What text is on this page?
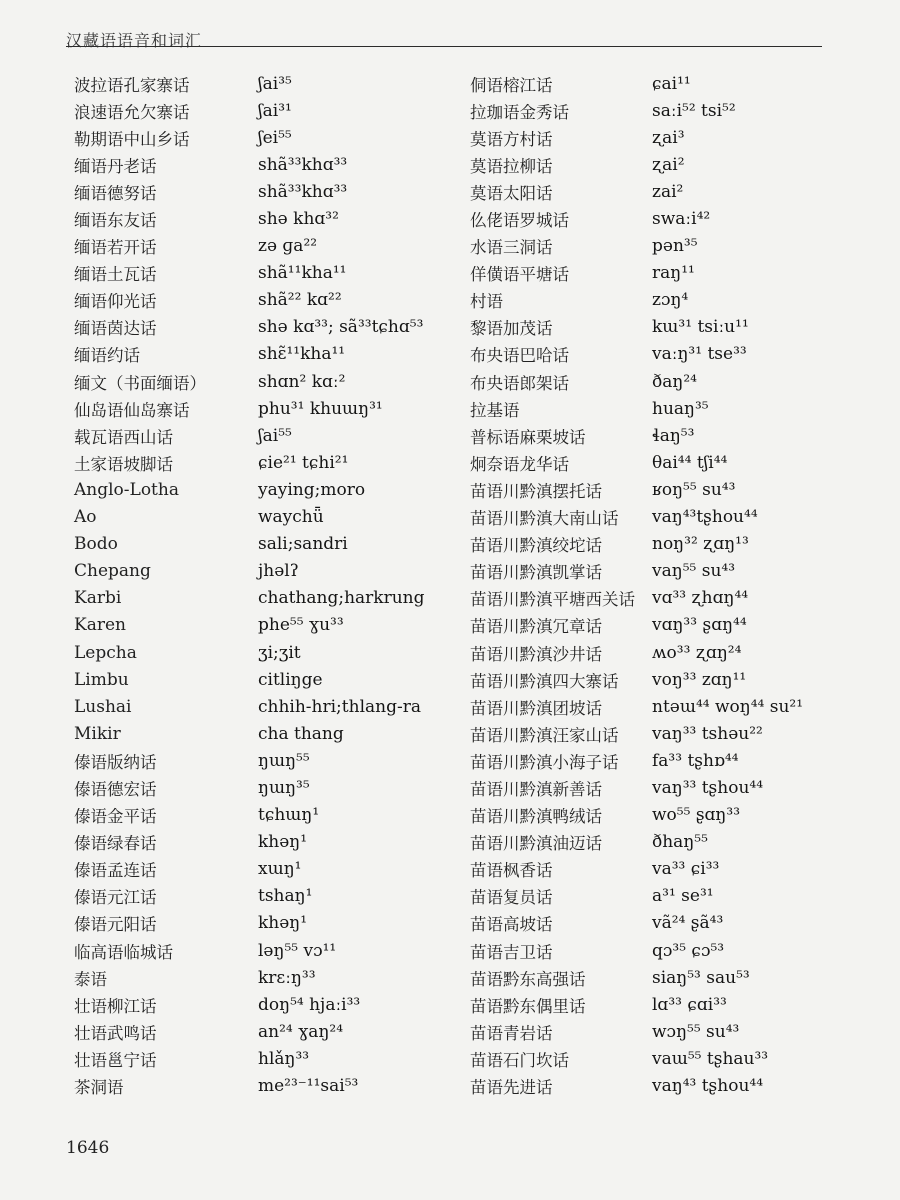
汉藏语语音和词汇
波拉语孔家寨话
浪速语允欠寨话
勒期语中山乡话
缅语丹老话
缅语德努话
缅语东友话
缅语若开话
缅语土瓦话
缅语仰光话
缅语茵达话
缅语约话
缅文（书面缅语）
仙岛语仙岛寨话
载瓦语西山话
土家语坡脚话
Anglo-Lotha
Ao
Bodo
Chepang
Karbi
Karen
Lepcha
Limbu
Lushai
Mikir
傣语版纳话
傣语德宏话
傣语金平话
傣语绿春话
傣语孟连话
傣语元江话
傣语元阳话
临高语临城话
泰语
壮语柳江话
壮语武鸣话
壮语邕宁话
茶洞语
ʃai³⁵
ʃai³¹
ʃei⁵⁵
shã³³khɑ³³
shã³³khɑ³³
shə khɑ³²
zə ɡa²²
shã¹¹kha¹¹
shã²² kɑ²²
shə kɑ³³; sã³³tɕhɑ⁵³
shɛ̃¹¹kha¹¹
shɑn² kɑː²
phu³¹ khuɯŋ³¹
ʃai⁵⁵
ɕie²¹ tɕhi²¹
yaying;moro
waychǖ
sali;sandri
jhəlʔ
chathang;harkrung
phe⁵⁵ ɣu³³
ʒi;ʒit
citliŋge
chhih-hri;thlang-ra
cha thang
ŋɯŋ⁵⁵
ŋɯŋ³⁵
tɕhɯŋ¹
khəŋ¹
xɯŋ¹
tshaŋ¹
khəŋ¹
ləŋ⁵⁵ vɔ¹¹
krɛːŋ³³
doŋ⁵⁴ hjaːi³³
an²⁴ ɣaŋ²⁴
hlǎŋ³³
me²³⁻¹¹sai⁵³
侗语榕江话
拉珈语金秀话
莫语方村话
莫语拉柳话
莫语太阳话
仫佬语罗城话
水语三洞话
佯僙语平塘话
村语
黎语加茂话
布央语巴哈话
布央语郎架话
拉基语
普标语麻栗坡话
炯奈语龙华话
苗语川黔滇摆托话
苗语川黔滇大南山话
苗语川黔滇绞坨话
苗语川黔滇凯掌话
苗语川黔滇平塘西关话
苗语川黔滇冗章话
苗语川黔滇沙井话
苗语川黔滇四大寨话
苗语川黔滇团坡话
苗语川黔滇汪家山话
苗语川黔滇小海子话
苗语川黔滇新善话
苗语川黔滇鸭绒话
苗语川黔滇油迈话
苗语枫香话
苗语复员话
苗语高坡话
苗语吉卫话
苗语黔东高强话
苗语黔东偶里话
苗语青岩话
苗语石门坎话
苗语先进话
ɕai¹¹
saːi⁵² tsi⁵²
ʐai³
ʐai²
zai²
swaːi⁴²
pən³⁵
raŋ¹¹
zɔŋ⁴
kɯ³¹ tsiːu¹¹
vaːŋ³¹ tse³³
ðaŋ²⁴
huaŋ³⁵
ɬaŋ⁵³
θai⁴⁴ tʃi⁴⁴
ʁoŋ⁵⁵ su⁴³
vaŋ⁴³tʂhou⁴⁴
noŋ³² ʐɑŋ¹³
vaŋ⁵⁵ su⁴³
vɑ³³ ʐhɑŋ⁴⁴
vɑŋ³³ ʂɑŋ⁴⁴
ʍo³³ ʐɑŋ²⁴
voŋ³³ zɑŋ¹¹
ntəɯ⁴⁴ woŋ⁴⁴ su²¹
vaŋ³³ tshəu²²
fa³³ tʂhɒ⁴⁴
vaŋ³³ tʂhou⁴⁴
wo⁵⁵ ʂɑŋ³³
ðhaŋ⁵⁵
va³³ ɕi³³
a³¹ se³¹
vã²⁴ ʂã⁴³
qɔ³⁵ ɕɔ⁵³
siaŋ⁵³ sau⁵³
lɑ³³ ɕɑi³³
wɔŋ⁵⁵ su⁴³
vaɯ⁵⁵ tʂhau³³
vaŋ⁴³ tʂhou⁴⁴
1646
